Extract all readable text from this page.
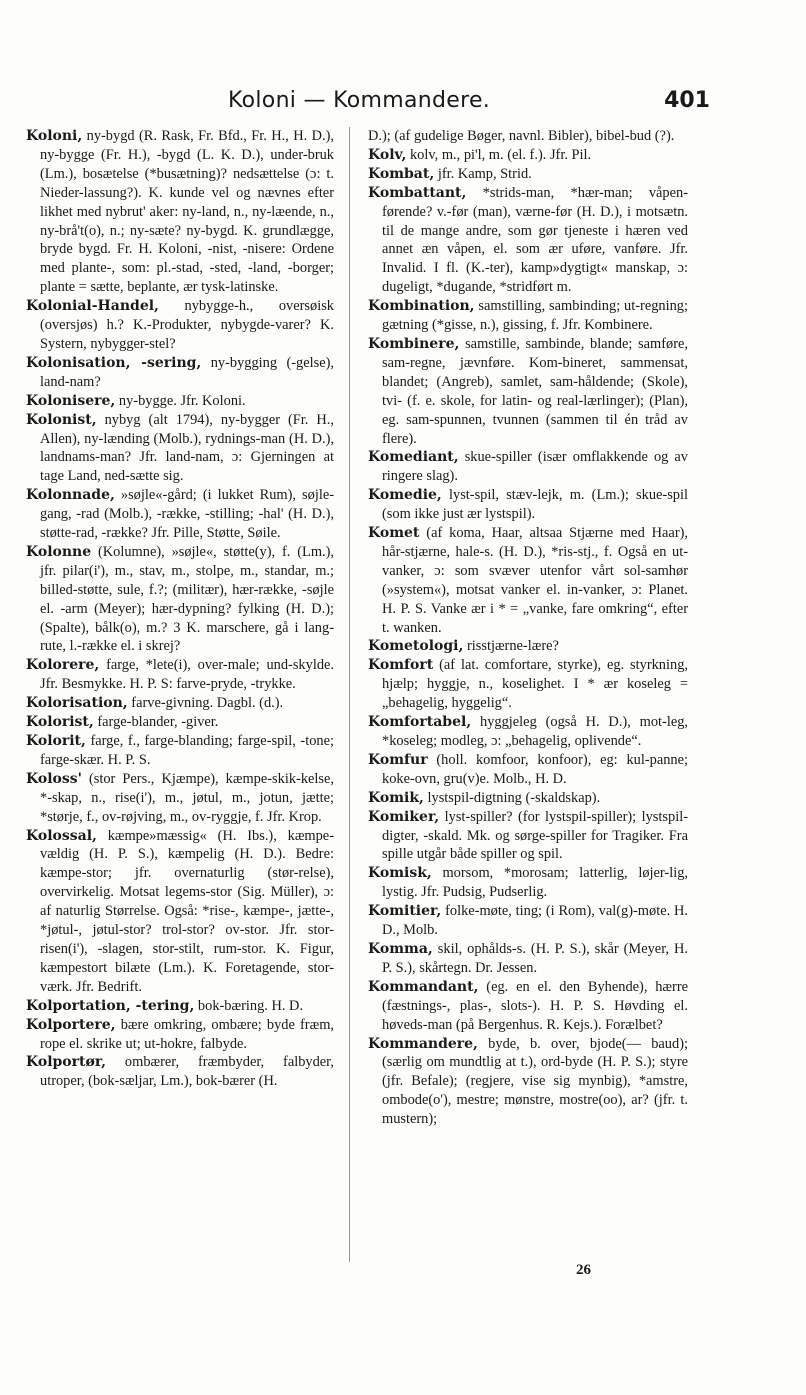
Koloni — Kommandere.	401

Koloni, ny-bygd (R. Rask, Fr. Bfd., Fr. H., H. D.), ny-bygge (Fr. H.), -bygd (L. K. D.), under-bruk (Lm.), bosætelse (*busætning)? nedsættelse (ɔ: t. Nieder-lassung?). K. kunde vel og nævnes efter likhet med nybrut' aker: ny-land, n., ny-læende, n., ny-brå't(o), n.; ny-sæte? ny-bygd. K. grundlægge, bryde bygd. Fr. H. Koloni, -nist, -nisere: Ordene med plante-, som: pl.-stad, -sted, -land, -borger; plante = sætte, beplante, ær tysk-latinske.

Kolonial-Handel, nybygge-h., oversøisk (oversjøs) h.? K.-Produkter, nybygde-varer? K. Systern, nybygger-stel?

Kolonisation, -sering, ny-bygging (-gelse), land-nam?

Kolonisere, ny-bygge. Jfr. Koloni.

Kolonist, nybyg (alt 1794), ny-bygger (Fr. H., Allen), ny-lænding (Molb.), rydnings-man (H. D.), landnams-man? Jfr. land-nam, ɔ: Gjerningen at tage Land, ned-sætte sig.

Kolonnade, »søjle«-gård; (i lukket Rum), søjle-gang, -rad (Molb.), -række, -stilling; -hal' (H. D.), støtte-rad, -række? Jfr. Pille, Støtte, Søile.

Kolonne (Kolumne), »søjle«, støtte(y), f. (Lm.), jfr. pilar(i'), m., stav, m., stolpe, m., standar, m.; billed-støtte, sule, f.?; (militær), hær-række, -søjle el. -arm (Meyer); hær-dypning? fylking (H. D.); (Spalte), bålk(o), m.? 3 K. marschere, gå i lang-rute, l.-række el. i skrej?

Kolorere, farge, *lete(i), over-male; und-skylde. Jfr. Besmykke. H. P. S: farve-pryde, -trykke.

Kolorisation, farve-givning. Dagbl. (d.).

Kolorist, farge-blander, -giver.

Kolorit, farge, f., farge-blanding; farge-spil, -tone; farge-skær. H. P. S.

Koloss' (stor Pers., Kjæmpe), kæmpe-skik-kelse, *-skap, n., rise(i'), m., jøtul, m., jotun, jætte; *størje, f., ov-røjving, m., ov-ryggje, f. Jfr. Krop.

Kolossal, kæmpe»mæssig« (H. Ibs.), kæmpe-vældig (H. P. S.), kæmpelig (H. D.). Bedre: kæmpe-stor; jfr. overnaturlig (stør-relse), overvirkelig. Motsat legems-stor (Sig. Müller), ɔ: af naturlig Størrelse. Også: *rise-, kæmpe-, jætte-, *jøtul-, jøtul-stor? trol-stor? ov-stor. Jfr. stor-risen(i'), -slagen, stor-stilt, rum-stor. K. Figur, kæmpestort bilæte (Lm.). K. Foretagende, stor-værk. Jfr. Bedrift.

Kolportation, -tering, bok-bæring. H. D.

Kolportere, bære omkring, ombære; byde fræm, rope el. skrike ut; ut-hokre, falbyde.

Kolportør, ombærer, fræmbyder, falbyder, utroper, (bok-sæljar, Lm.), bok-bærer (H.

D.); (af gudelige Bøger, navnl. Bibler), bibel-bud (?).

Kolv, kolv, m., pi'l, m. (el. f.). Jfr. Pil.

Kombat, jfr. Kamp, Strid.

Kombattant, *strids-man, *hær-man; våpen-førende? v.-før (man), værne-før (H. D.), i motsætn. til de mange andre, som gør tjeneste i hæren ved annet æn våpen, el. som ær uføre, vanføre. Jfr. Invalid. I fl. (K.-ter), kamp»dygtigt« manskap, ɔ: dugeligt, *dugande, *stridført m.

Kombination, samstilling, sambinding; ut-regning; gætning (*gisse, n.), gissing, f. Jfr. Kombinere.

Kombinere, samstille, sambinde, blande; samføre, sam-regne, jævnføre. Kom-bineret, sammensat, blandet; (Angreb), samlet, sam-håldende; (Skole), tvi- (f. e. skole, for latin- og real-lærlinger); (Plan), eg. sam-spunnen, tvunnen (sammen til én tråd av flere).

Komediant, skue-spiller (især omflakkende og av ringere slag).

Komedie, lyst-spil, stæv-lejk, m. (Lm.); skue-spil (som ikke just ær lystspil).

Komet (af koma, Haar, altsaa Stjærne med Haar), hår-stjærne, hale-s. (H. D.), *ris-stj., f. Også en ut-vanker, ɔ: som svæver utenfor vårt sol-samhør (»system«), motsat vanker el. in-vanker, ɔ: Planet. H. P. S. Vanke ær i * = „vanke, fare omkring“, efter t. wanken.

Kometologi, risstjærne-lære?

Komfort (af lat. comfortare, styrke), eg. styrkning, hjælp; hyggje, n., koselighet. I * ær koseleg = „behagelig, hyggelig“.

Komfortabel, hyggjeleg (også H. D.), mot-leg, *koseleg; modleg, ɔ: „behagelig, oplivende“.

Komfur (holl. komfoor, konfoor), eg: kul-panne; koke-ovn, gru(v)e. Molb., H. D.

Komik, lystspil-digtning (-skaldskap).

Komiker, lyst-spiller? (for lystspil-spiller); lystspil-digter, -skald. Mk. og sørge-spiller for Tragiker. Fra spille utgår både spiller og spil.

Komisk, morsom, *morosam; latterlig, løjer-lig, lystig. Jfr. Pudsig, Pudserlig.

Komitier, folke-møte, ting; (i Rom), val(g)-møte. H. D., Molb.

Komma, skil, ophålds-s. (H. P. S.), skår (Meyer, H. P. S.), skårtegn. Dr. Jessen.

Kommandant, (eg. en el. den Byhende), hærre (fæstnings-, plas-, slots-). H. P. S. Høvding el. høveds-man (på Bergenhus. R. Kejs.). Forælbet?

Kommandere, byde, b. over, bjode(— baud); (særlig om mundtlig at t.), ord-byde (H. P. S.); styre (jfr. Befale); (regjere, vise sig mynbig), *amstre, ombode(o'), mestre; mønstre, mostre(oo), ar? (jfr. t. mustern);

26
